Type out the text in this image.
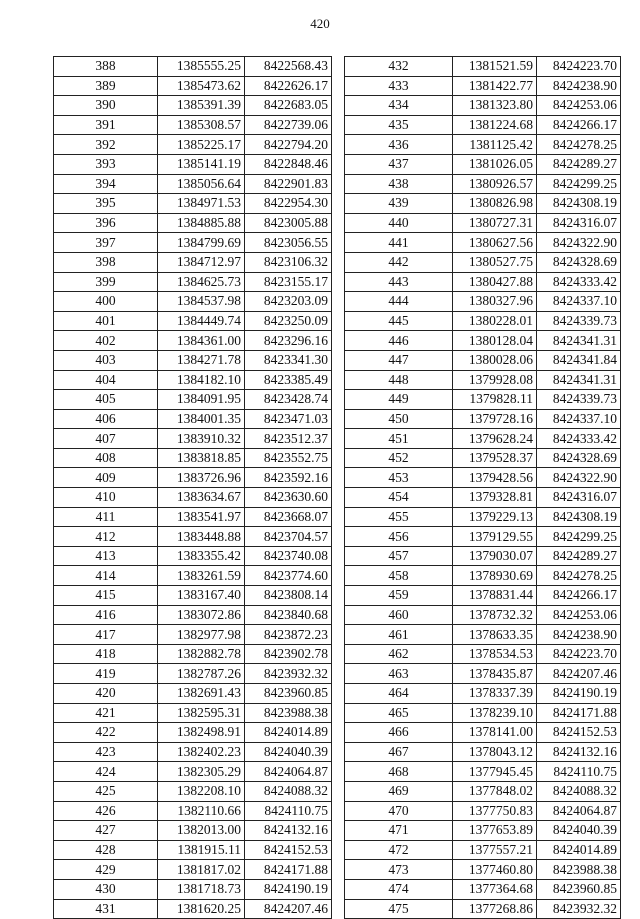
420
388	1385555.25	8422568.43
389	1385473.62	8422626.17
390	1385391.39	8422683.05
391	1385308.57	8422739.06
392	1385225.17	8422794.20
393	1385141.19	8422848.46
394	1385056.64	8422901.83
395	1384971.53	8422954.30
396	1384885.88	8423005.88
397	1384799.69	8423056.55
398	1384712.97	8423106.32
399	1384625.73	8423155.17
400	1384537.98	8423203.09
401	1384449.74	8423250.09
402	1384361.00	8423296.16
403	1384271.78	8423341.30
404	1384182.10	8423385.49
405	1384091.95	8423428.74
406	1384001.35	8423471.03
407	1383910.32	8423512.37
408	1383818.85	8423552.75
409	1383726.96	8423592.16
410	1383634.67	8423630.60
411	1383541.97	8423668.07
412	1383448.88	8423704.57
413	1383355.42	8423740.08
414	1383261.59	8423774.60
415	1383167.40	8423808.14
416	1383072.86	8423840.68
417	1382977.98	8423872.23
418	1382882.78	8423902.78
419	1382787.26	8423932.32
420	1382691.43	8423960.85
421	1382595.31	8423988.38
422	1382498.91	8424014.89
423	1382402.23	8424040.39
424	1382305.29	8424064.87
425	1382208.10	8424088.32
426	1382110.66	8424110.75
427	1382013.00	8424132.16
428	1381915.11	8424152.53
429	1381817.02	8424171.88
430	1381718.73	8424190.19
431	1381620.25	8424207.46
432	1381521.59	8424223.70
433	1381422.77	8424238.90
434	1381323.80	8424253.06
435	1381224.68	8424266.17
436	1381125.42	8424278.25
437	1381026.05	8424289.27
438	1380926.57	8424299.25
439	1380826.98	8424308.19
440	1380727.31	8424316.07
441	1380627.56	8424322.90
442	1380527.75	8424328.69
443	1380427.88	8424333.42
444	1380327.96	8424337.10
445	1380228.01	8424339.73
446	1380128.04	8424341.31
447	1380028.06	8424341.84
448	1379928.08	8424341.31
449	1379828.11	8424339.73
450	1379728.16	8424337.10
451	1379628.24	8424333.42
452	1379528.37	8424328.69
453	1379428.56	8424322.90
454	1379328.81	8424316.07
455	1379229.13	8424308.19
456	1379129.55	8424299.25
457	1379030.07	8424289.27
458	1378930.69	8424278.25
459	1378831.44	8424266.17
460	1378732.32	8424253.06
461	1378633.35	8424238.90
462	1378534.53	8424223.70
463	1378435.87	8424207.46
464	1378337.39	8424190.19
465	1378239.10	8424171.88
466	1378141.00	8424152.53
467	1378043.12	8424132.16
468	1377945.45	8424110.75
469	1377848.02	8424088.32
470	1377750.83	8424064.87
471	1377653.89	8424040.39
472	1377557.21	8424014.89
473	1377460.80	8423988.38
474	1377364.68	8423960.85
475	1377268.86	8423932.32
